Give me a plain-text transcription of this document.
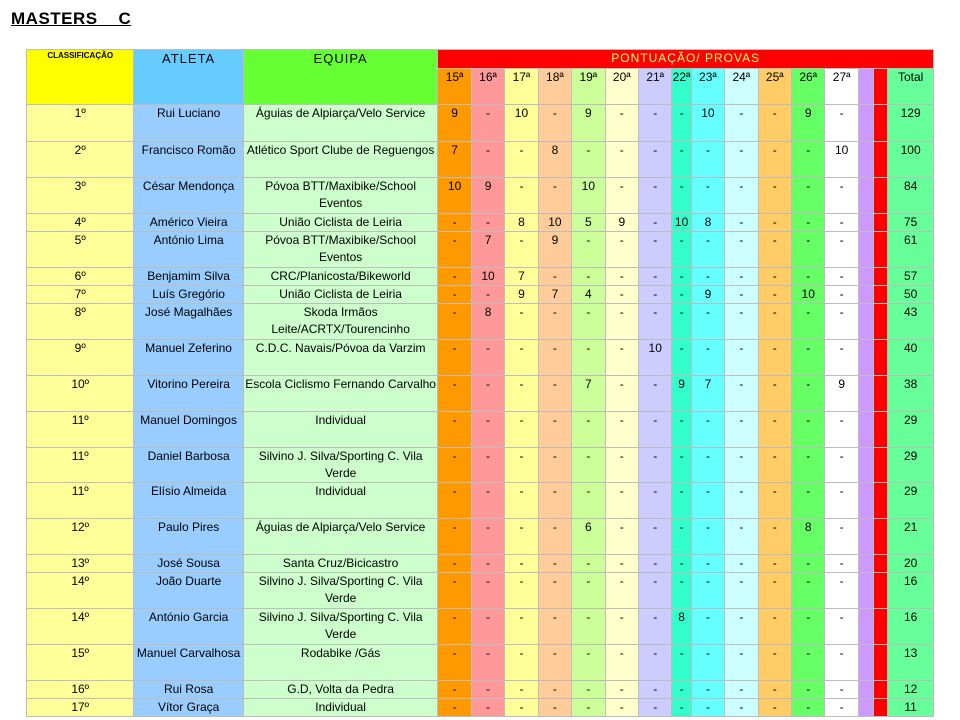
MASTERS    C
CLASSIFICAÇÃO	ATLETA	EQUIPA	PONTUAÇÃO/ PROVAS															
			15ª	16ª	17ª	18ª	19ª	20ª	21ª	22ª	23ª	24ª	25ª	26ª	27ª			Total
1º	Rui Luciano	Águias de Alpiarça/Velo Service	9	-	10	-	9	-	-	-	10	-	-	9	-			129
2º	Francisco Romão	Atlético Sport Clube de Reguengos	7	-	-	8	-	-	-	-	-	-	-	-	10			100
3º	César Mendonça	Póvoa BTT/Maxibike/School Eventos	10	9	-	-	10	-	-	-	-	-	-	-	-			84
4º	Américo Vieira	União Ciclista de Leiria	-	-	8	10	5	9	-	10	8	-	-	-	-			75
5º	António Lima	Póvoa BTT/Maxibike/School Eventos	-	7	-	9	-	-	-	-	-	-	-	-	-			61
6º	Benjamim Silva	CRC/Planicosta/Bikeworld	-	10	7	-	-	-	-	-	-	-	-	-	-			57
7º	Luís Gregório	União Ciclista de Leiria	-	-	9	7	4	-	-	-	9	-	-	10	-			50
8º	José Magalhães	Skoda Irmãos Leite/ACRTX/Tourencinho	-	8	-	-	-	-	-	-	-	-	-	-	-			43
9º	Manuel Zeferino	C.D.C. Navais/Póvoa da Varzim	-	-	-	-	-	-	10	-	-	-	-	-	-			40
10º	Vitorino Pereira	Escola Ciclismo Fernando Carvalho	-	-	-	-	7	-	-	9	7	-	-	-	9			38
11º	Manuel Domingos	Individual	-	-	-	-	-	-	-	-	-	-	-	-	-			29
11º	Daniel Barbosa	Silvino J. Silva/Sporting C. Vila Verde	-	-	-	-	-	-	-	-	-	-	-	-	-			29
11º	Elísio Almeida	Individual	-	-	-	-	-	-	-	-	-	-	-	-	-			29
12º	Paulo Pires	Águias de Alpiarça/Velo Service	-	-	-	-	6	-	-	-	-	-	-	8	-			21
13º	José Sousa	Santa Cruz/Bicicastro	-	-	-	-	-	-	-	-	-	-	-	-	-			20
14º	João Duarte	Silvino J. Silva/Sporting C. Vila Verde	-	-	-	-	-	-	-	-	-	-	-	-	-			16
14º	António Garcia	Silvino J. Silva/Sporting C. Vila Verde	-	-	-	-	-	-	-	8	-	-	-	-	-			16
15º	Manuel Carvalhosa	Rodabike /Gás	-	-	-	-	-	-	-	-	-	-	-	-	-			13
16º	Rui Rosa	G.D, Volta da Pedra	-	-	-	-	-	-	-	-	-	-	-	-	-			12
17º	Vítor Graça	Individual	-	-	-	-	-	-	-	-	-	-	-	-	-			11
